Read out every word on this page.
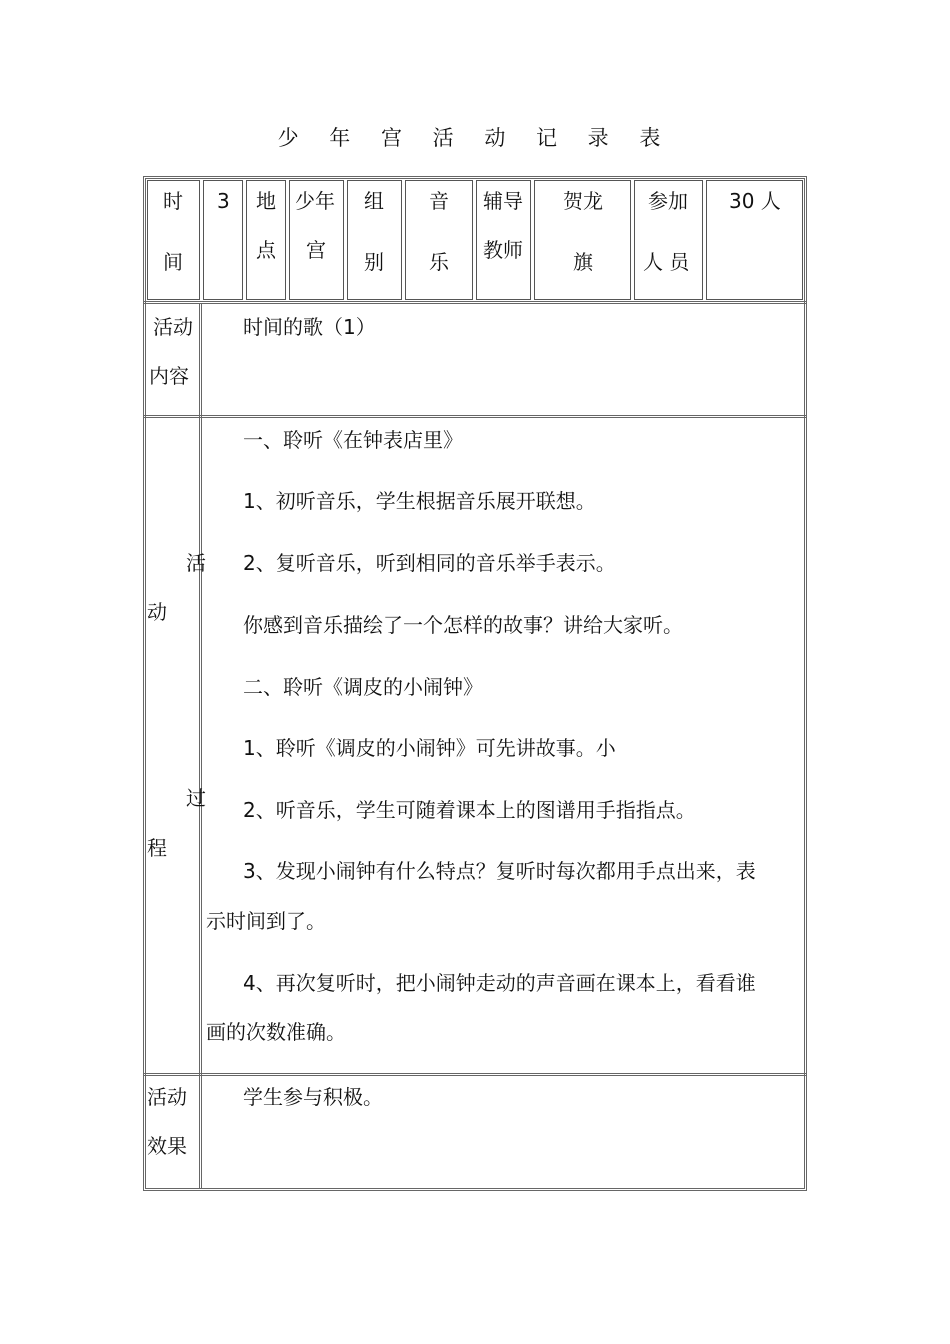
少 年 宫 活 动 记 录 表
时
间
3 地
点
少年
宫
组
别
音
乐
辅导
教师
贺龙
旗
参加
人 员
30 人
活动
内容
时间的歌（1）
活
动
过
程
一、聆听《在钟表店里》
1、初听音乐，学生根据音乐展开联想。
2、复听音乐，听到相同的音乐举手表示。
你感到音乐描绘了一个怎样的故事？讲给大家听。
二、聆听《调皮的小闹钟》
1、聆听《调皮的小闹钟》可先讲故事。小
2、听音乐，学生可随着课本上的图谱用手指指点。
3、发现小闹钟有什么特点？复听时每次都用手点出来，表
示时间到了。
4、再次复听时，把小闹钟走动的声音画在课本上，看看谁
画的次数准确。
活动
效果
学生参与积极。
